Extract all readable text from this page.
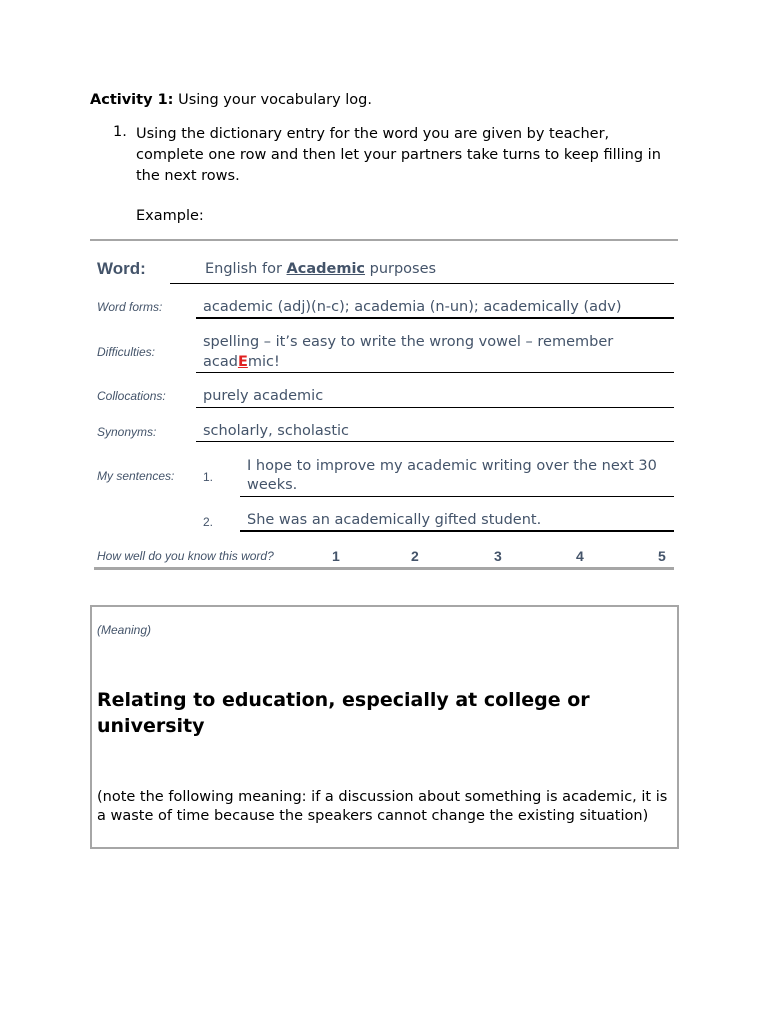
Activity 1: Using your vocabulary log.
1. Using the dictionary entry for the word you are given by teacher, complete one row and then let your partners take turns to keep filling in the next rows.
Example:
Word:	English for Academic purposes
Word forms:	academic (adj)(n-c); academia (n-un); academically (adv)
Difficulties:
spelling – it’s easy to write the wrong vowel – remember
acadEmic!
Collocations:	purely academic
Synonyms:	scholarly, scholastic
My sentences: 1.
I hope to improve my academic writing over the next 30 weeks.
2. She was an academically gifted student.
How well do you know this word?	1	2	3	4	5
(Meaning)
Relating to education, especially at college or university
(note the following meaning: if a discussion about something is academic, it is a waste of time because the speakers cannot change the existing situation)
